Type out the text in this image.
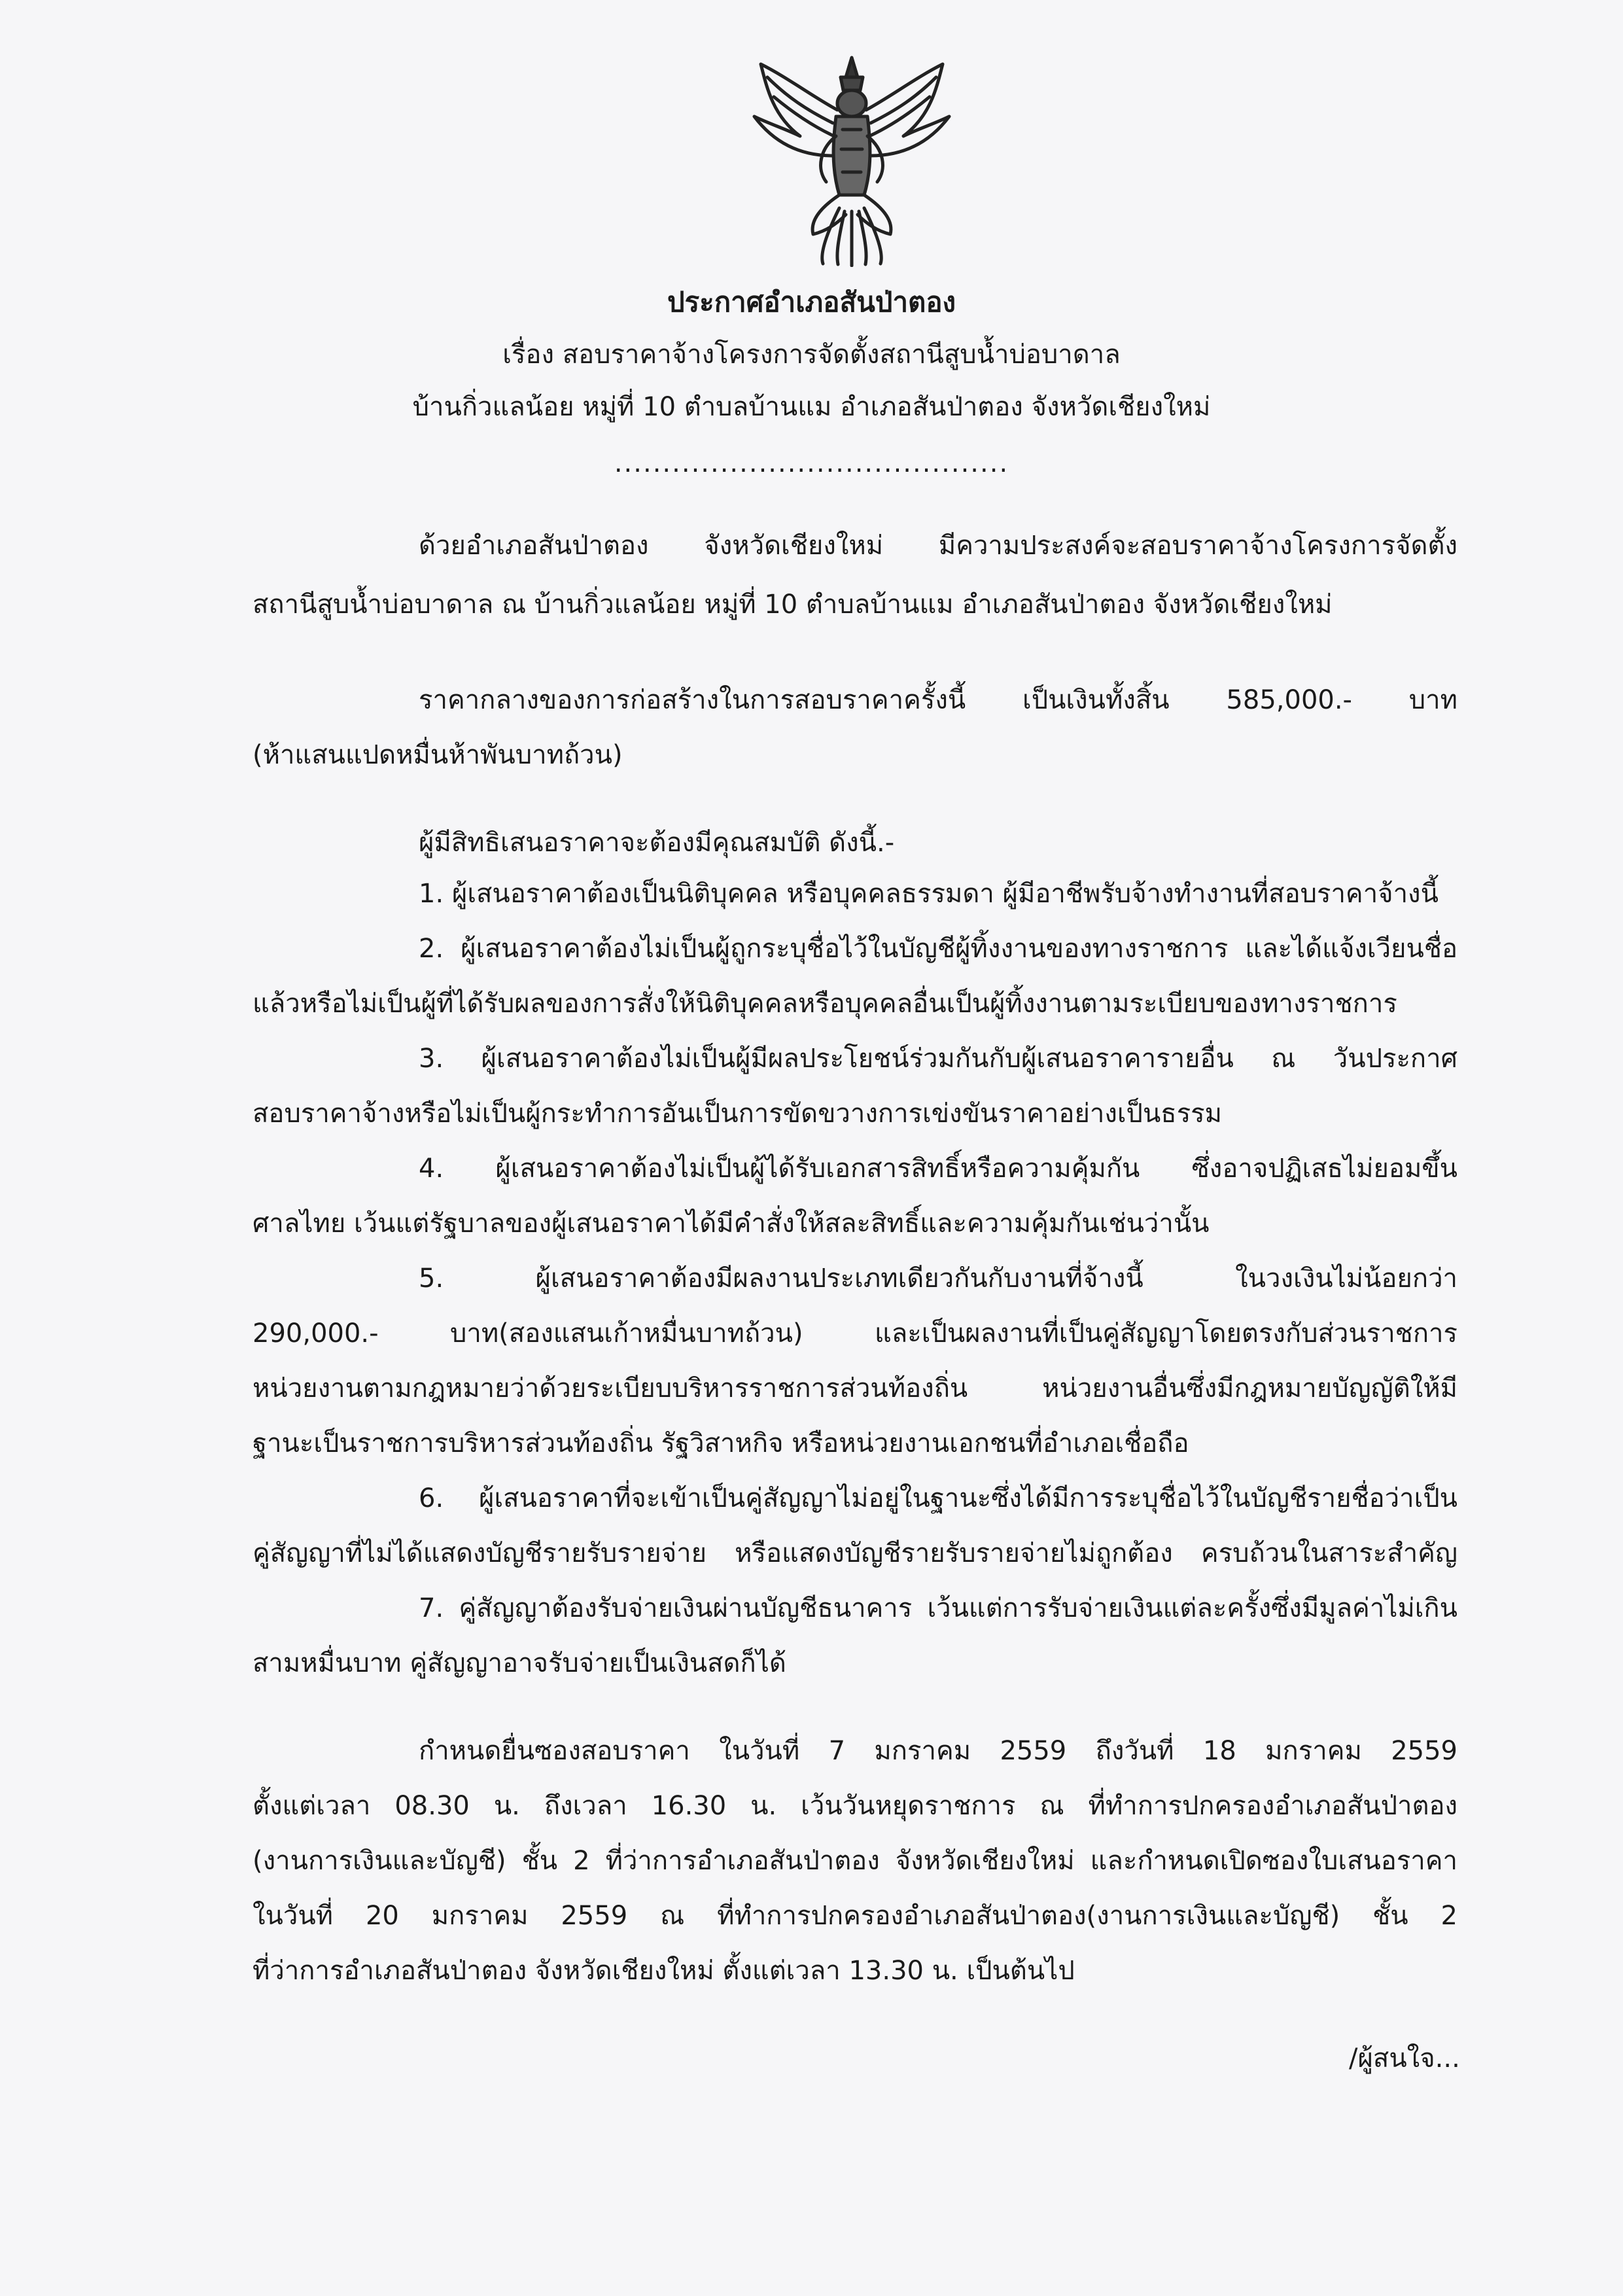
ประกาศอำเภอสันป่าตอง
เรื่อง สอบราคาจ้างโครงการจัดตั้งสถานีสูบน้ำบ่อบาดาล
บ้านกิ่วแลน้อย หมู่ที่ 10 ตำบลบ้านแม อำเภอสันป่าตอง จังหวัดเชียงใหม่
.........................................
ด้วยอำเภอสันป่าตอง จังหวัดเชียงใหม่ มีความประสงค์จะสอบราคาจ้างโครงการจัดตั้ง
สถานีสูบน้ำบ่อบาดาล ณ บ้านกิ่วแลน้อย หมู่ที่ 10 ตำบลบ้านแม อำเภอสันป่าตอง จังหวัดเชียงใหม่
ราคากลางของการก่อสร้างในการสอบราคาครั้งนี้ เป็นเงินทั้งสิ้น 585,000.- บาท
(ห้าแสนแปดหมื่นห้าพันบาทถ้วน)
ผู้มีสิทธิเสนอราคาจะต้องมีคุณสมบัติ ดังนี้.-
1. ผู้เสนอราคาต้องเป็นนิติบุคคล หรือบุคคลธรรมดา ผู้มีอาชีพรับจ้างทำงานที่สอบราคาจ้างนี้
2. ผู้เสนอราคาต้องไม่เป็นผู้ถูกระบุชื่อไว้ในบัญชีผู้ทิ้งงานของทางราชการ และได้แจ้งเวียนชื่อ
แล้วหรือไม่เป็นผู้ที่ได้รับผลของการสั่งให้นิติบุคคลหรือบุคคลอื่นเป็นผู้ทิ้งงานตามระเบียบของทางราชการ
3. ผู้เสนอราคาต้องไม่เป็นผู้มีผลประโยชน์ร่วมกันกับผู้เสนอราคารายอื่น ณ วันประกาศ
สอบราคาจ้างหรือไม่เป็นผู้กระทำการอันเป็นการขัดขวางการเข่งขันราคาอย่างเป็นธรรม
4. ผู้เสนอราคาต้องไม่เป็นผู้ได้รับเอกสารสิทธิ์หรือความคุ้มกัน ซึ่งอาจปฏิเสธไม่ยอมขึ้น
ศาลไทย เว้นแต่รัฐบาลของผู้เสนอราคาได้มีคำสั่งให้สละสิทธิ์และความคุ้มกันเช่นว่านั้น
5. ผู้เสนอราคาต้องมีผลงานประเภทเดียวกันกับงานที่จ้างนี้ ในวงเงินไม่น้อยกว่า
290,000.- บาท(สองแสนเก้าหมื่นบาทถ้วน) และเป็นผลงานที่เป็นคู่สัญญาโดยตรงกับส่วนราชการ
หน่วยงานตามกฎหมายว่าด้วยระเบียบบริหารราชการส่วนท้องถิ่น หน่วยงานอื่นซึ่งมีกฎหมายบัญญัติให้มี
ฐานะเป็นราชการบริหารส่วนท้องถิ่น รัฐวิสาหกิจ หรือหน่วยงานเอกชนที่อำเภอเชื่อถือ
6. ผู้เสนอราคาที่จะเข้าเป็นคู่สัญญาไม่อยู่ในฐานะซึ่งได้มีการระบุชื่อไว้ในบัญชีรายชื่อว่าเป็น
คู่สัญญาที่ไม่ได้แสดงบัญชีรายรับรายจ่าย หรือแสดงบัญชีรายรับรายจ่ายไม่ถูกต้อง ครบถ้วนในสาระสำคัญ
7. คู่สัญญาต้องรับจ่ายเงินผ่านบัญชีธนาคาร เว้นแต่การรับจ่ายเงินแต่ละครั้งซึ่งมีมูลค่าไม่เกิน
สามหมื่นบาท คู่สัญญาอาจรับจ่ายเป็นเงินสดก็ได้
กำหนดยื่นซองสอบราคา ในวันที่ 7 มกราคม 2559 ถึงวันที่ 18 มกราคม 2559
ตั้งแต่เวลา 08.30 น. ถึงเวลา 16.30 น. เว้นวันหยุดราชการ ณ ที่ทำการปกครองอำเภอสันป่าตอง
(งานการเงินและบัญชี) ชั้น 2 ที่ว่าการอำเภอสันป่าตอง จังหวัดเชียงใหม่ และกำหนดเปิดซองใบเสนอราคา
ในวันที่ 20 มกราคม 2559 ณ ที่ทำการปกครองอำเภอสันป่าตอง(งานการเงินและบัญชี) ชั้น 2
ที่ว่าการอำเภอสันป่าตอง จังหวัดเชียงใหม่ ตั้งแต่เวลา 13.30 น. เป็นต้นไป
/ผู้สนใจ...
